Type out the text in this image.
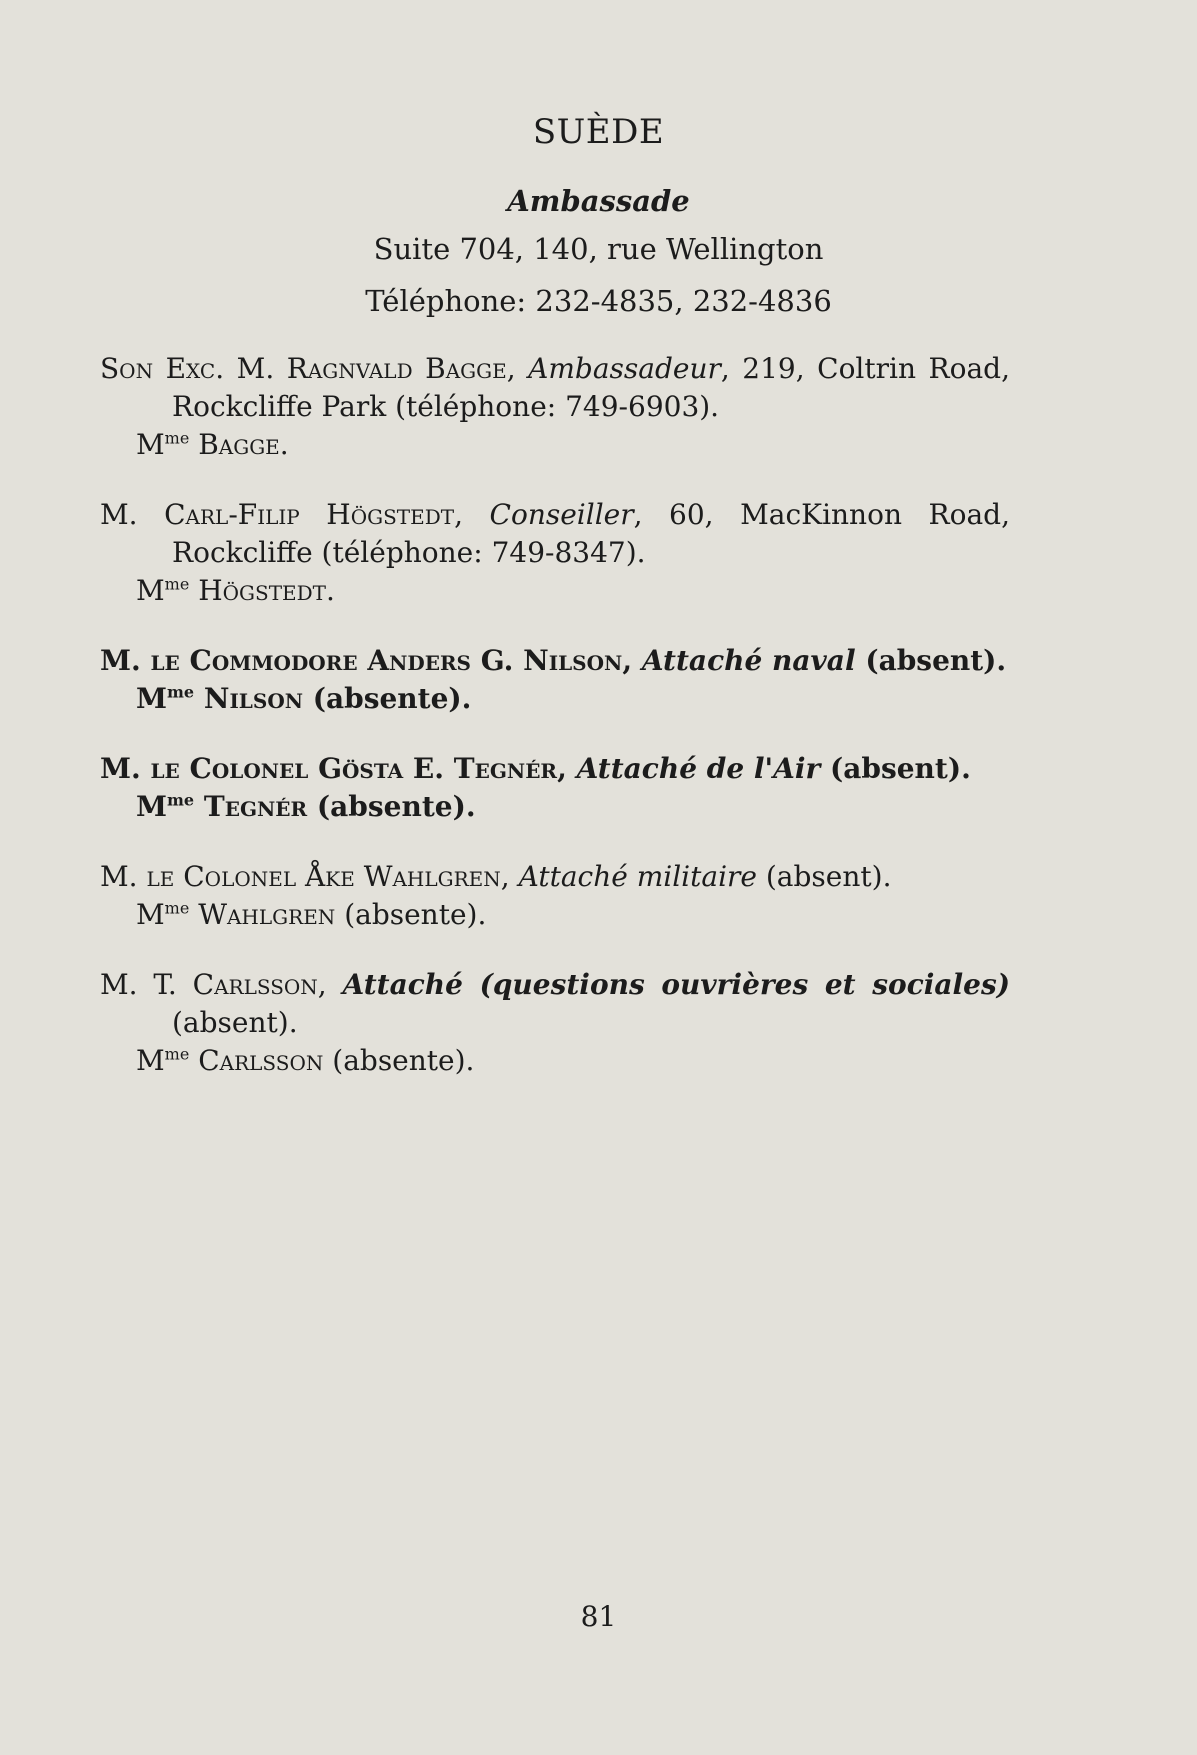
SUÈDE
Ambassade
Suite 704, 140, rue Wellington
Téléphone: 232-4835, 232-4836
Son Exc. M. Ragnvald Bagge, Ambassadeur, 219, Coltrin Road, Rockcliffe Park (téléphone: 749-6903).
$M^{me}$ Bagge.
M. Carl-Filip Högstedt, Conseiller, 60, MacKinnon Road, Rockcliffe (téléphone: 749-8347).
$M^{me}$ Högstedt.
M. le Commodore Anders G. Nilson, Attaché naval (absent).
$M^{me}$ Nilson (absente).
M. le Colonel Gösta E. Tegnér, Attaché de l'Air (absent).
$M^{me}$ Tegnér (absente).
M. le Colonel Åke Wahlgren, Attaché militaire (absent).
$M^{me}$ Wahlgren (absente).
M. T. Carlsson, Attaché (questions ouvrières et sociales) (absent).
$M^{me}$ Carlsson (absente).
81
